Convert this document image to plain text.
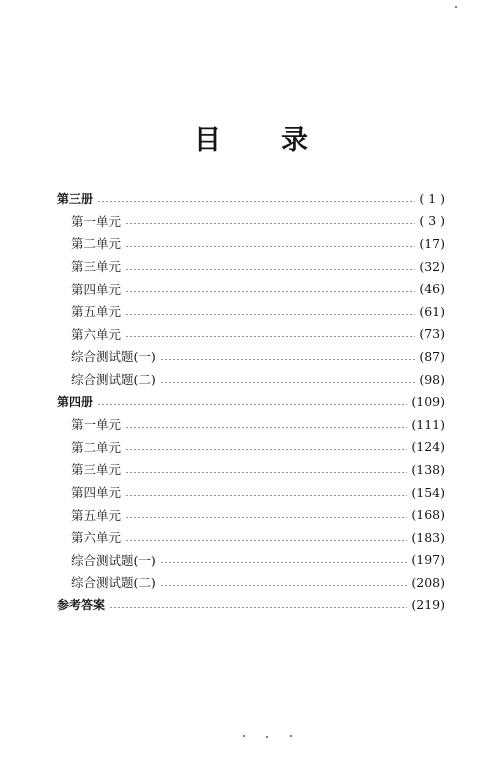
目 录
第三册	( 1 )
第一单元	( 3 )
第二单元	(17)
第三单元	(32)
第四单元	(46)
第五单元	(61)
第六单元	(73)
综合测试题(一)	(87)
综合测试题(二)	(98)
第四册	(109)
第一单元	(111)
第二单元	(124)
第三单元	(138)
第四单元	(154)
第五单元	(168)
第六单元	(183)
综合测试题(一)	(197)
综合测试题(二)	(208)
参考答案	(219)
